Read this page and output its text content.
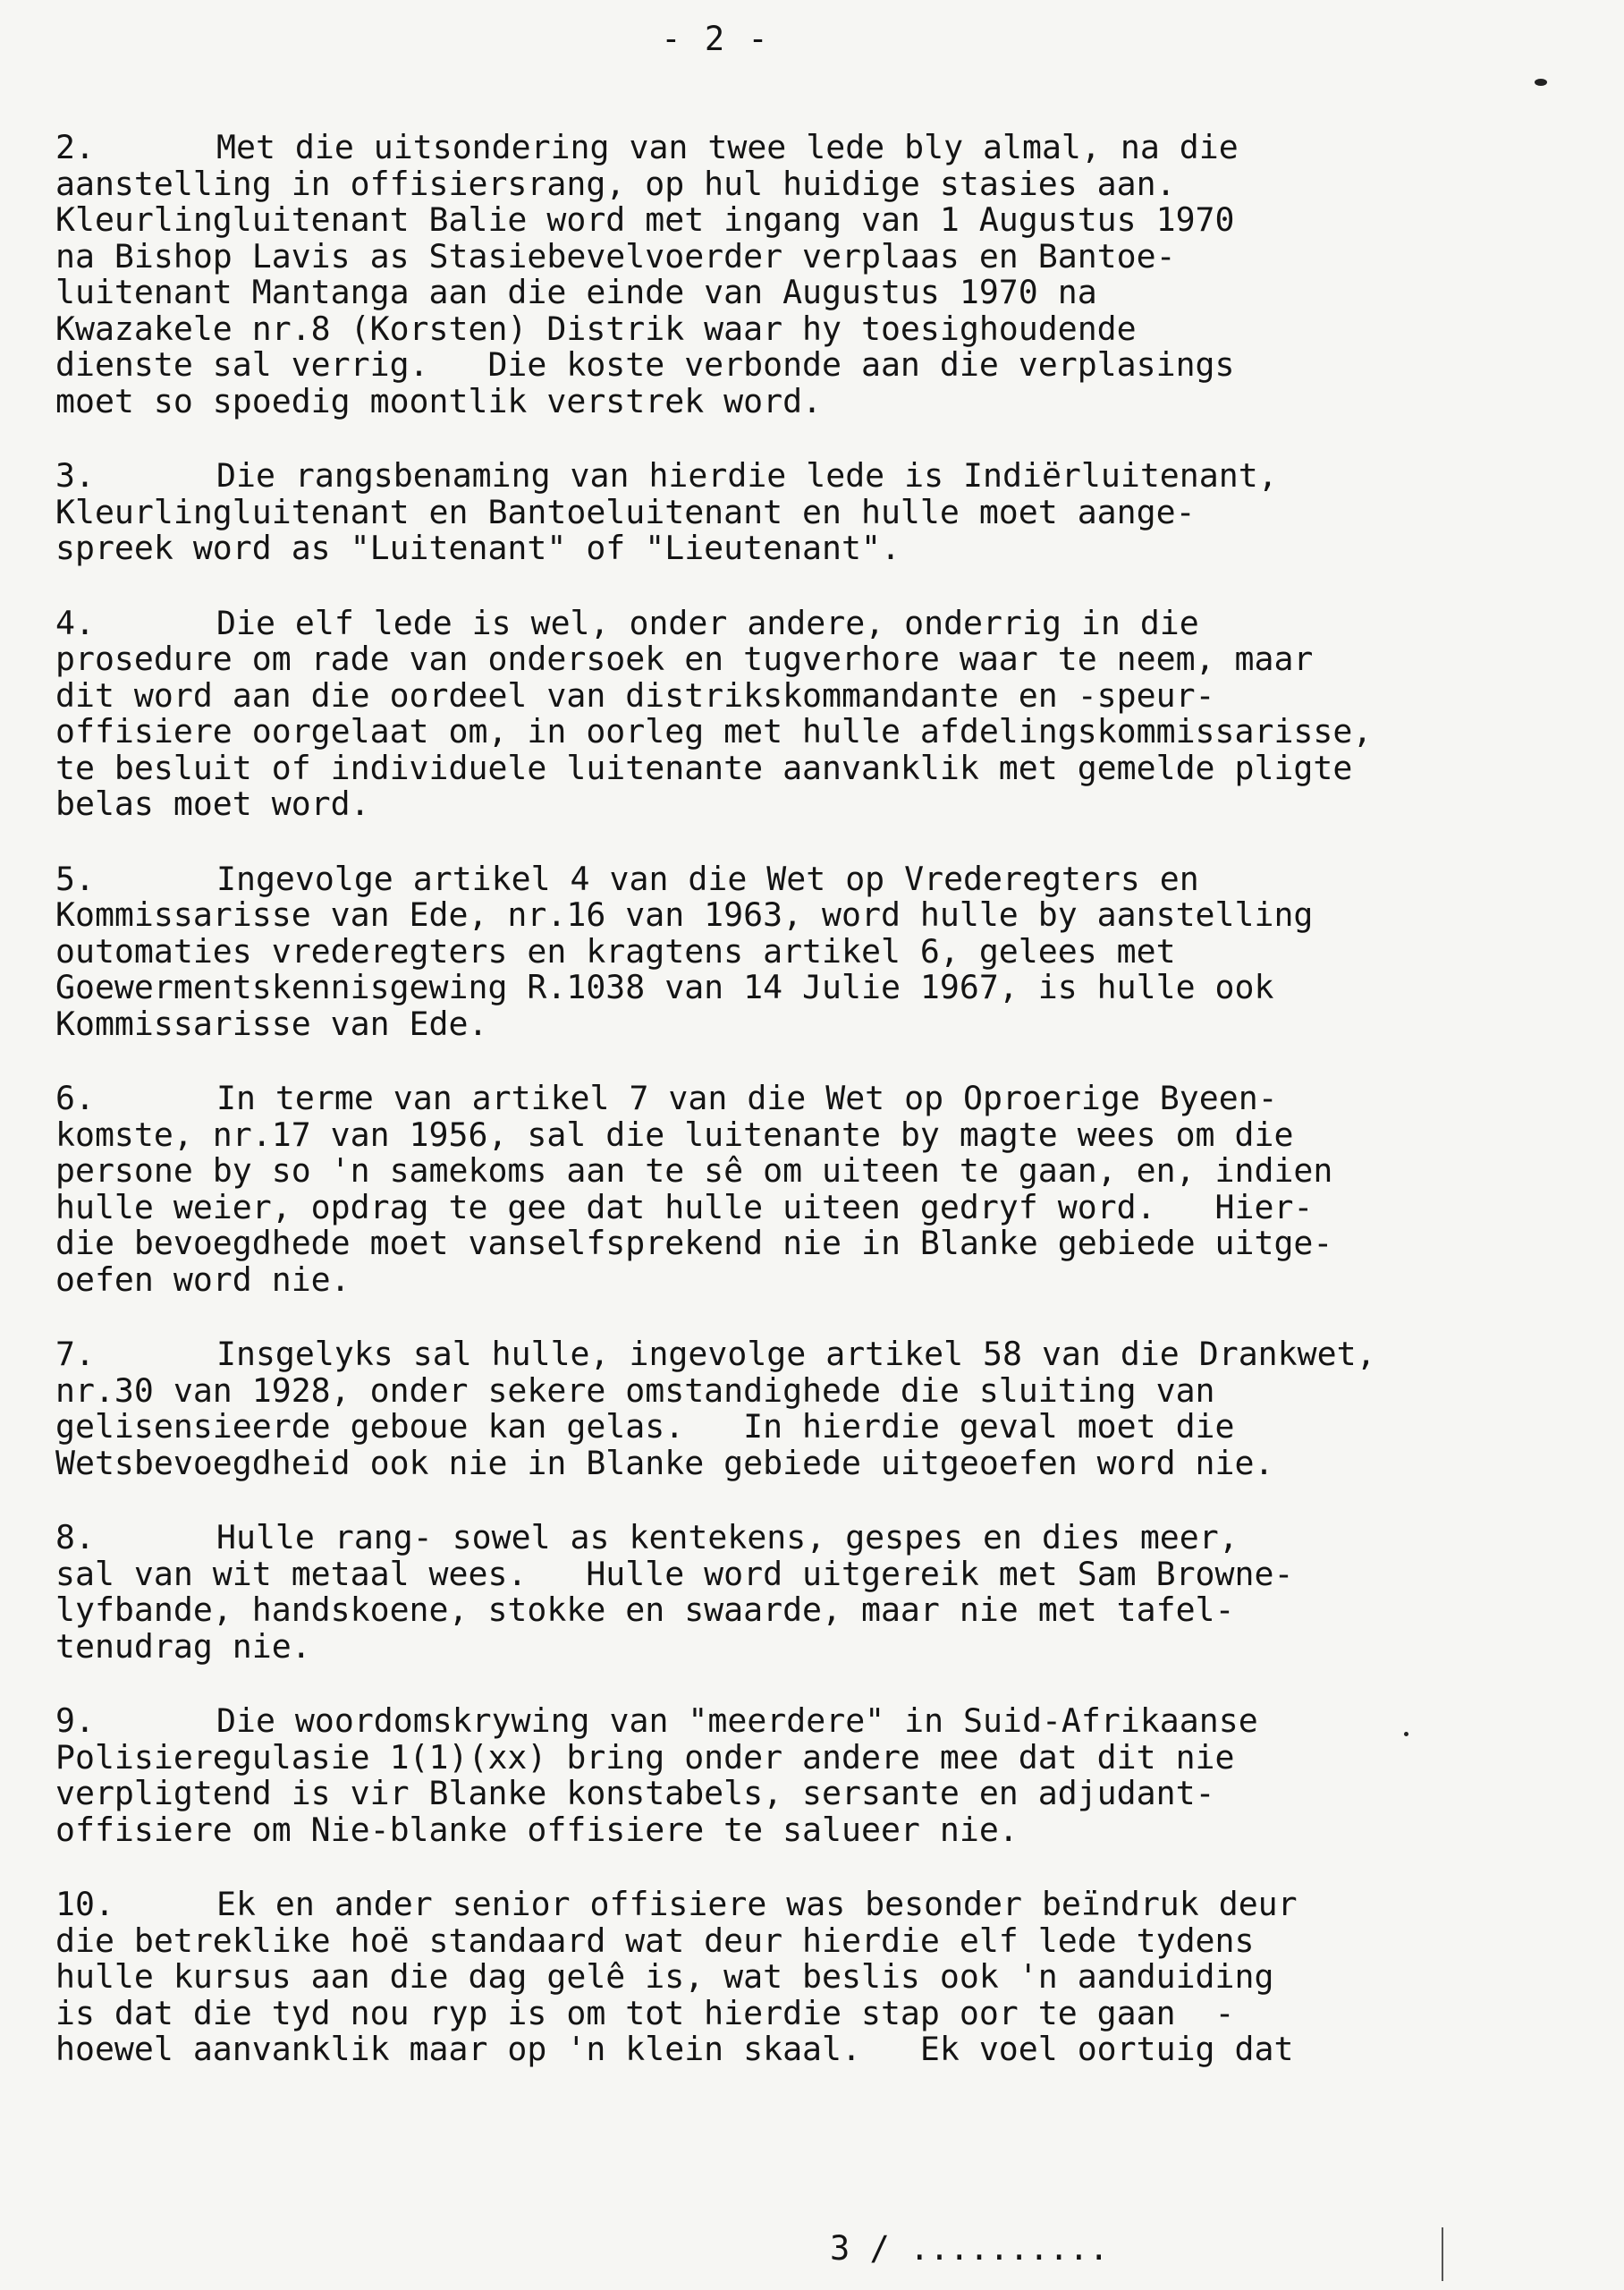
- 2 -
2.	Met die uitsondering van twee lede bly almal, na die
aanstelling in offisiersrang, op hul huidige stasies aan.
Kleurlingluitenant Balie word met ingang van 1 Augustus 1970
na Bishop Lavis as Stasiebevelvoerder verplaas en Bantoe-
luitenant Mantanga aan die einde van Augustus 1970 na
Kwazakele nr.8 (Korsten) Distrik waar hy toesighoudende
dienste sal verrig.   Die koste verbonde aan die verplasings
moet so spoedig moontlik verstrek word.
3.	Die rangsbenaming van hierdie lede is Indiërluitenant,
Kleurlingluitenant en Bantoeluitenant en hulle moet aange-
spreek word as "Luitenant" of "Lieutenant".
4.	Die elf lede is wel, onder andere, onderrig in die
prosedure om rade van ondersoek en tugverhore waar te neem, maar
dit word aan die oordeel van distrikskommandante en -speur-
offisiere oorgelaat om, in oorleg met hulle afdelingskommissarisse,
te besluit of individuele luitenante aanvanklik met gemelde pligte
belas moet word.
5.	Ingevolge artikel 4 van die Wet op Vrederegters en
Kommissarisse van Ede, nr.16 van 1963, word hulle by aanstelling
outomaties vrederegters en kragtens artikel 6, gelees met
Goewermentskennisgewing R.1038 van 14 Julie 1967, is hulle ook
Kommissarisse van Ede.
6.	In terme van artikel 7 van die Wet op Oproerige Byeen-
komste, nr.17 van 1956, sal die luitenante by magte wees om die
persone by so 'n samekoms aan te sê om uiteen te gaan, en, indien
hulle weier, opdrag te gee dat hulle uiteen gedryf word.   Hier-
die bevoegdhede moet vanselfsprekend nie in Blanke gebiede uitge-
oefen word nie.
7.	Insgelyks sal hulle, ingevolge artikel 58 van die Drankwet,
nr.30 van 1928, onder sekere omstandighede die sluiting van
gelisensieerde geboue kan gelas.   In hierdie geval moet die
Wetsbevoegdheid ook nie in Blanke gebiede uitgeoefen word nie.
8.	Hulle rang- sowel as kentekens, gespes en dies meer,
sal van wit metaal wees.   Hulle word uitgereik met Sam Browne-
lyfbande, handskoene, stokke en swaarde, maar nie met tafel-
tenudrag nie.
9.	Die woordomskrywing van "meerdere" in Suid-Afrikaanse
Polisieregulasie 1(1)(xx) bring onder andere mee dat dit nie
verpligtend is vir Blanke konstabels, sersante en adjudant-
offisiere om Nie-blanke offisiere te salueer nie.
10.	Ek en ander senior offisiere was besonder beïndruk deur
die betreklike hoë standaard wat deur hierdie elf lede tydens
hulle kursus aan die dag gelê is, wat beslis ook 'n aanduiding
is dat die tyd nou ryp is om tot hierdie stap oor te gaan  -
hoewel aanvanklik maar op 'n klein skaal.   Ek voel oortuig dat
3 / ..........
